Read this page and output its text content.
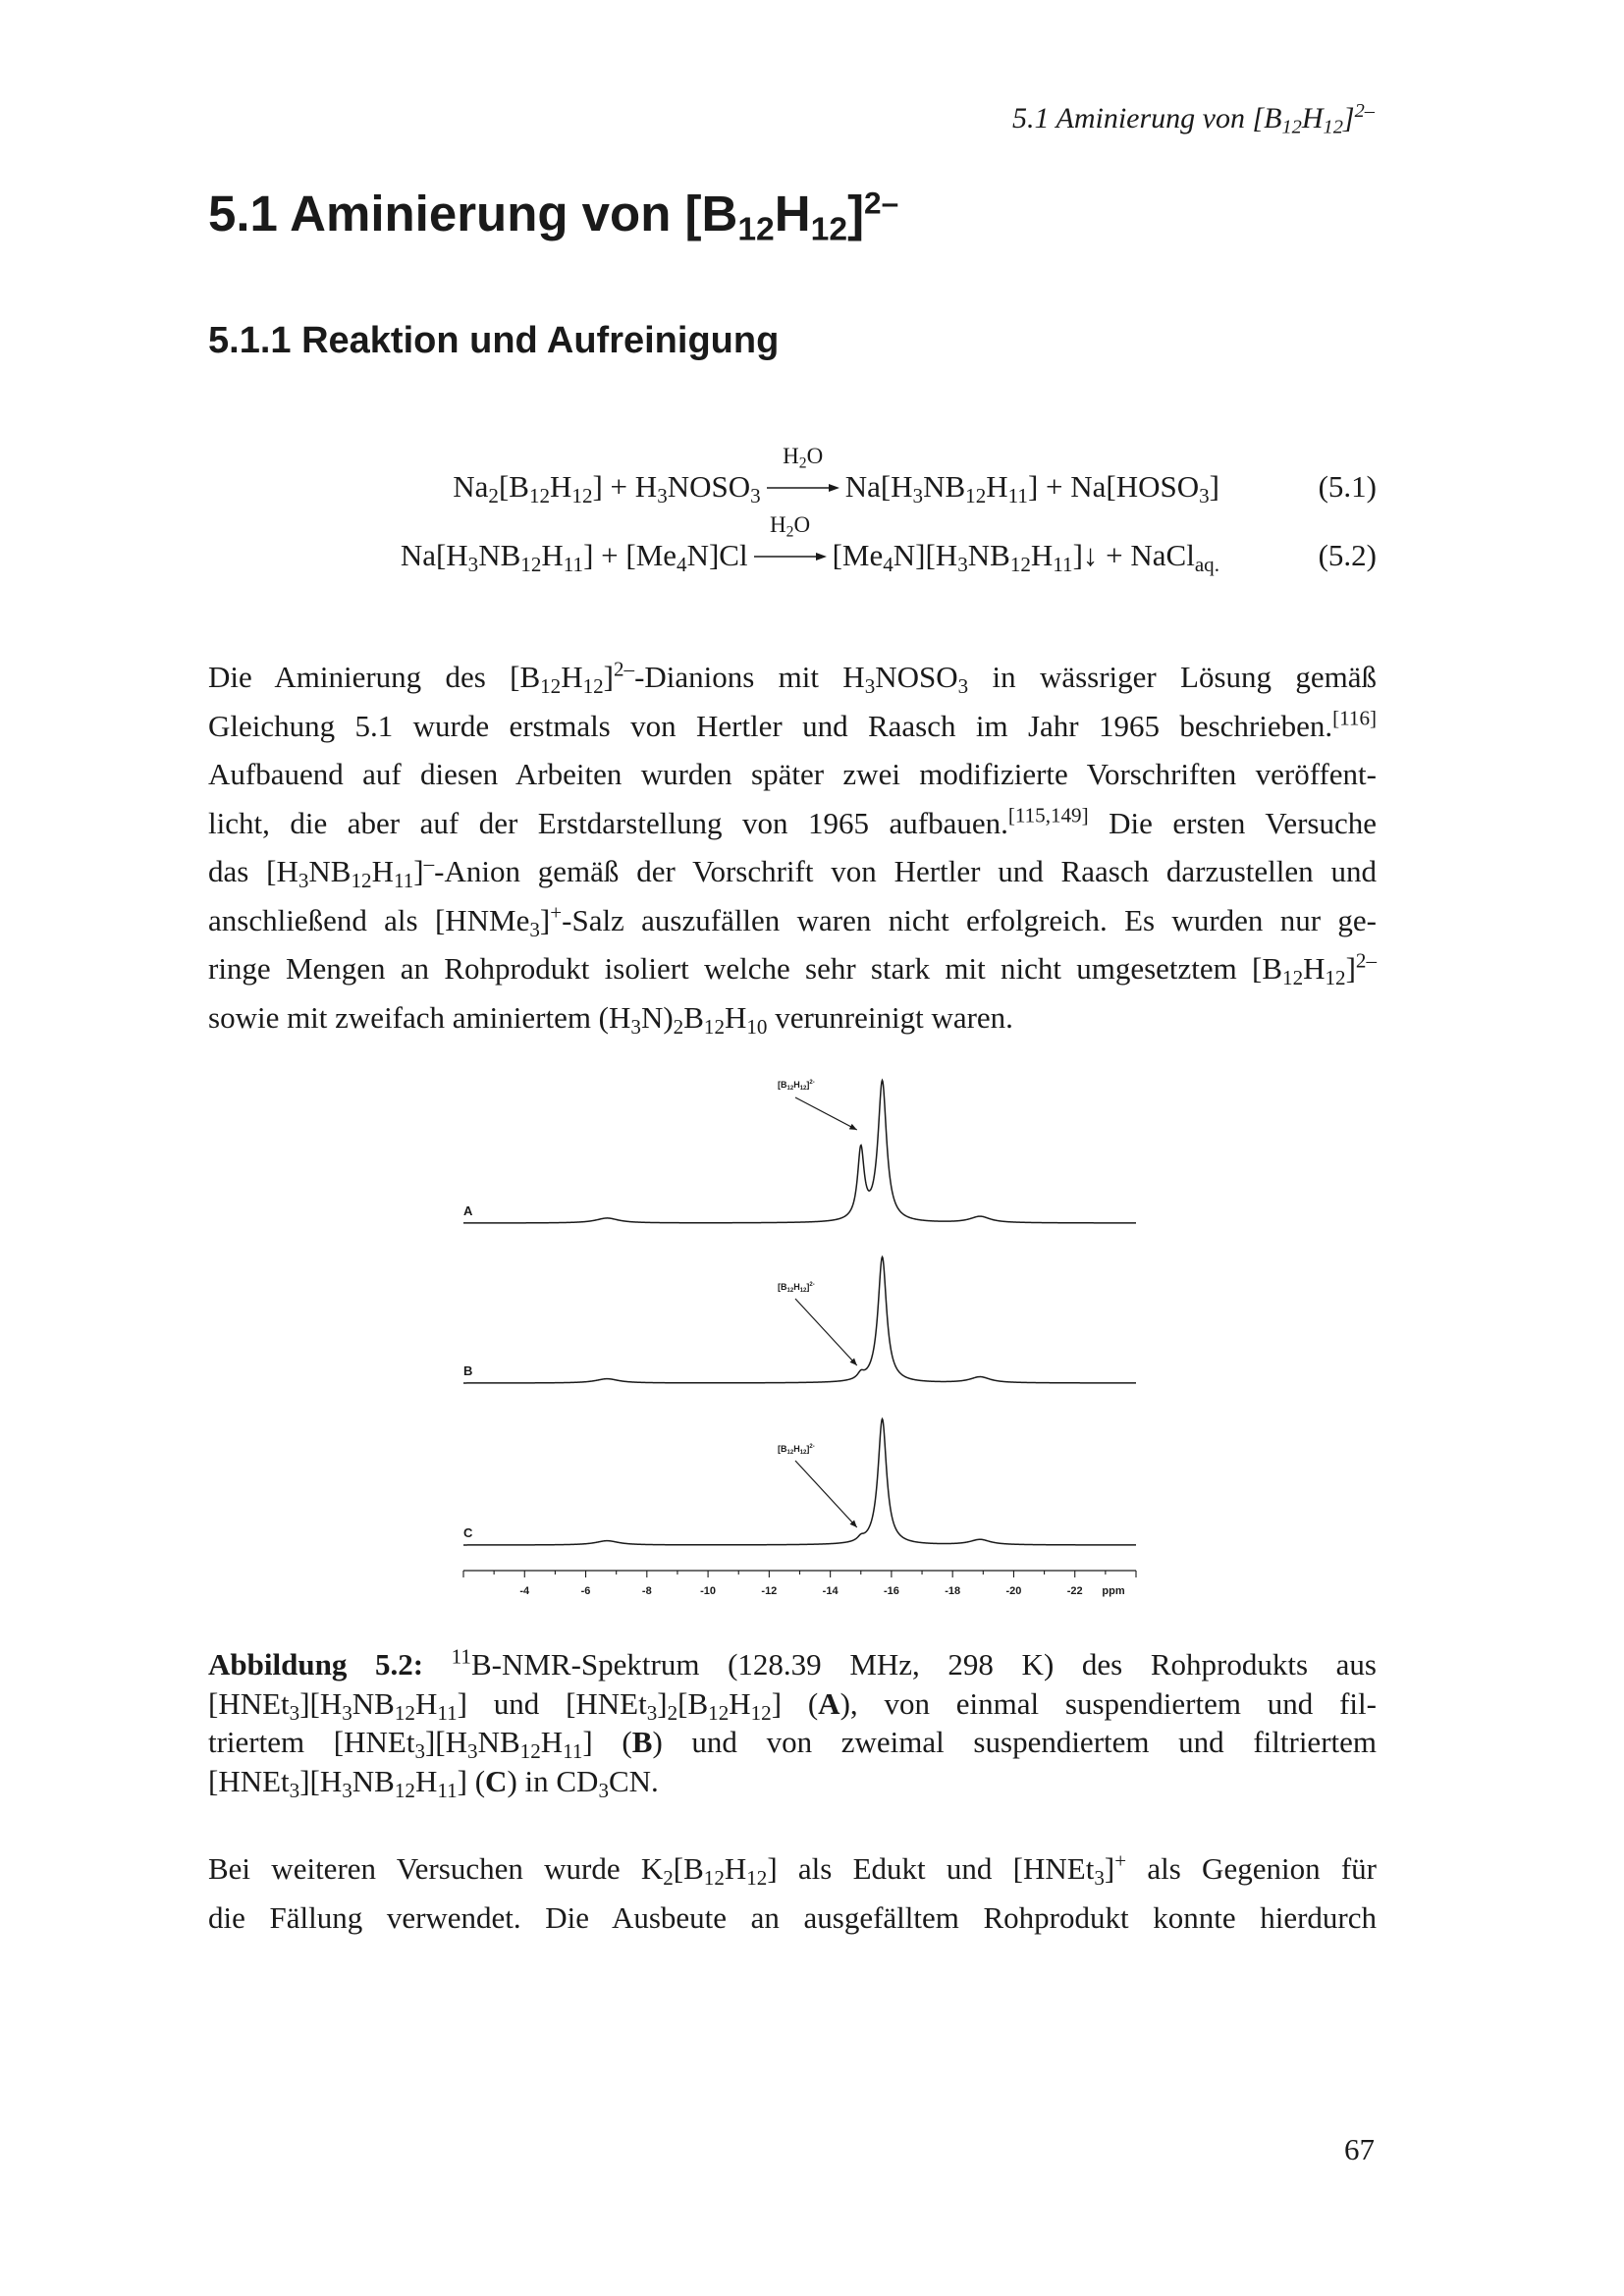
5.1 Aminierung von $[B_{12}H_{12}]^{2-}$
5.1 Aminierung von $[B_{12}H_{12}]^{2-}$
5.1.1 Reaktion und Aufreinigung
$Na_2[B_{12}H_{12}]$ + $H_3NOSO_3$
$H_2O$
$Na[H_3NB_{12}H_{11}]$ + $Na[HOSO_3]$	(5.1)
$Na[H_3NB_{12}H_{11}] + [Me_4N]Cl$
$H_2O$
$[Me_4N][H_3NB_{12}H_{11}]↓$ + NaCl$_{aq.}$	(5.2)
Die Aminierung des $[B_{12}H_{12}]^{2-}$-Dianions mit $H_3NOSO_3$ in wässriger Lösung gemäß
Gleichung 5.1 wurde erstmals von Hertler und Raasch im Jahr 1965 beschrieben.[116]
Aufbauend auf diesen Arbeiten wurden später zwei modifizierte Vorschriften veröffent-
licht, die aber auf der Erstdarstellung von 1965 aufbauen.[115,149] Die ersten Versuche
das $[H_3NB_{12}H_{11}]^-$-Anion gemäß der Vorschrift von Hertler und Raasch darzustellen und
anschließend als [HNMe$_3$]+-Salz auszufällen waren nicht erfolgreich. Es wurden nur ge-
ringe Mengen an Rohprodukt isoliert welche sehr stark mit nicht umgesetztem $[B_{12}H_{12}]^{2-}$
sowie mit zweifach aminiertem $(H_3N)_2B_{12}H_{10}$ verunreinigt waren.
A
$[B_{12}H_{12}]^{2-}$
B
$[B_{12}H_{12}]^{2-}$
C
$[B_{12}H_{12}]^{2-}$
-4	-6	-8	-10	-12	-14	-16	-18	-20	-22 ppm
Abbildung 5.2: $^{11}$B-NMR-Spektrum (128.39 MHz, 298 K) des Rohprodukts aus
$[HNEt_3][H_3NB_{12}H_{11}]$ und $[HNEt_3]_2[B_{12}H_{12}]$ (A), von einmal suspendiertem und fil-
triertem $[HNEt_3][H_3NB_{12}H_{11}]$ (B) und von zweimal suspendiertem und filtriertem
$[HNEt_3][H_3NB_{12}H_{11}]$ (C) in $CD_3CN$.
Bei weiteren Versuchen wurde $K_2[B_{12}H_{12}]$ als Edukt und [HNEt$_3$]+ als Gegenion für
die Fällung verwendet. Die Ausbeute an ausgefälltem Rohprodukt konnte hierdurch
67
